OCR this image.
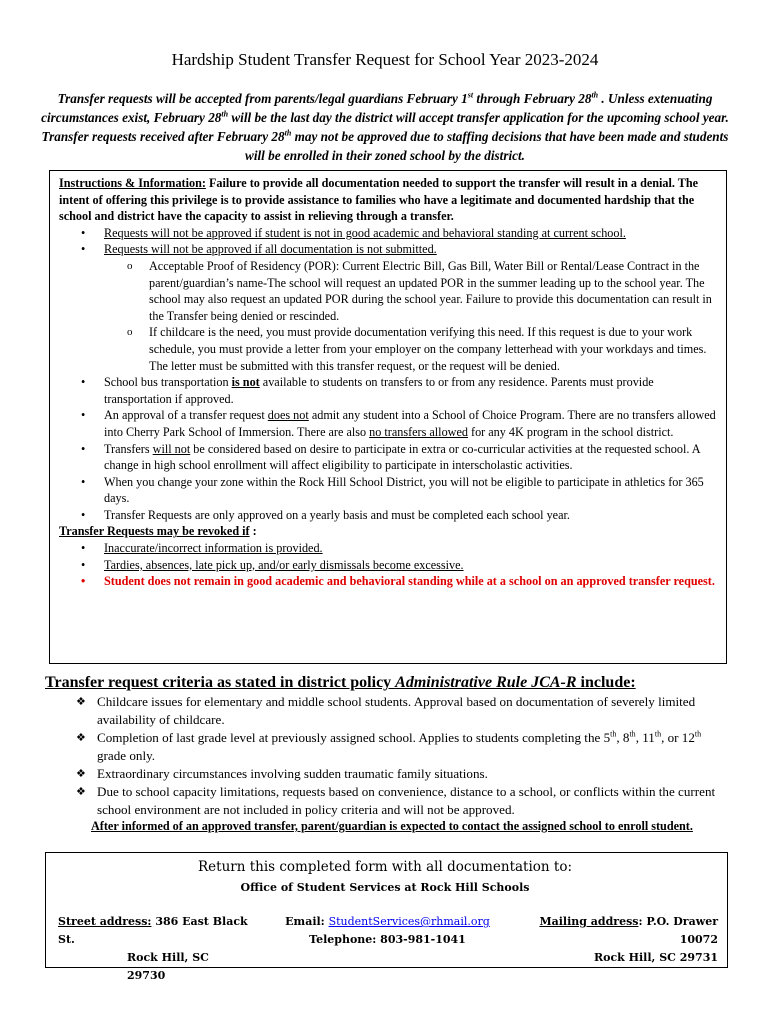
Hardship Student Transfer Request for School Year 2023-2024
Transfer requests will be accepted from parents/legal guardians February 1st through February 28th . Unless extenuating circumstances exist, February 28th will be the last day the district will accept transfer application for the upcoming school year. Transfer requests received after February 28th may not be approved due to staffing decisions that have been made and students will be enrolled in their zoned school by the district.
Instructions & Information: Failure to provide all documentation needed to support the transfer will result in a denial. The intent of offering this privilege is to provide assistance to families who have a legitimate and documented hardship that the school and district have the capacity to assist in relieving through a transfer.
• Requests will not be approved if student is not in good academic and behavioral standing at current school.
• Requests will not be approved if all documentation is not submitted.
o Acceptable Proof of Residency (POR): Current Electric Bill, Gas Bill, Water Bill or Rental/Lease Contract in the parent/guardian’s name-The school will request an updated POR in the summer leading up to the school year. The school may also request an updated POR during the school year. Failure to provide this documentation can result in the Transfer being denied or rescinded.
o If childcare is the need, you must provide documentation verifying this need. If this request is due to your work schedule, you must provide a letter from your employer on the company letterhead with your workdays and times. The letter must be submitted with this transfer request, or the request will be denied.
• School bus transportation is not available to students on transfers to or from any residence. Parents must provide transportation if approved.
• An approval of a transfer request does not admit any student into a School of Choice Program. There are no transfers allowed into Cherry Park School of Immersion. There are also no transfers allowed for any 4K program in the school district.
• Transfers will not be considered based on desire to participate in extra or co-curricular activities at the requested school. A change in high school enrollment will affect eligibility to participate in interscholastic activities.
• When you change your zone within the Rock Hill School District, you will not be eligible to participate in athletics for 365 days.
• Transfer Requests are only approved on a yearly basis and must be completed each school year.
Transfer Requests may be revoked if :
• Inaccurate/incorrect information is provided.
• Tardies, absences, late pick up, and/or early dismissals become excessive.
• Student does not remain in good academic and behavioral standing while at a school on an approved transfer request.
Transfer request criteria as stated in district policy Administrative Rule JCA-R include:
❖ Childcare issues for elementary and middle school students. Approval based on documentation of severely limited availability of childcare.
❖ Completion of last grade level at previously assigned school. Applies to students completing the 5th, 8th, 11th, or 12th grade only.
❖ Extraordinary circumstances involving sudden traumatic family situations.
❖ Due to school capacity limitations, requests based on convenience, distance to a school, or conflicts within the current school environment are not included in policy criteria and will not be approved.
After informed of an approved transfer, parent/guardian is expected to contact the assigned school to enroll student.
Return this completed form with all documentation to:
Office of Student Services at Rock Hill Schools
Street address: 386 East Black St.
Rock Hill, SC 29730
Email: StudentServices@rhmail.org
Telephone: 803-981-1041
Mailing address: P.O. Drawer 10072
Rock Hill, SC 29731
